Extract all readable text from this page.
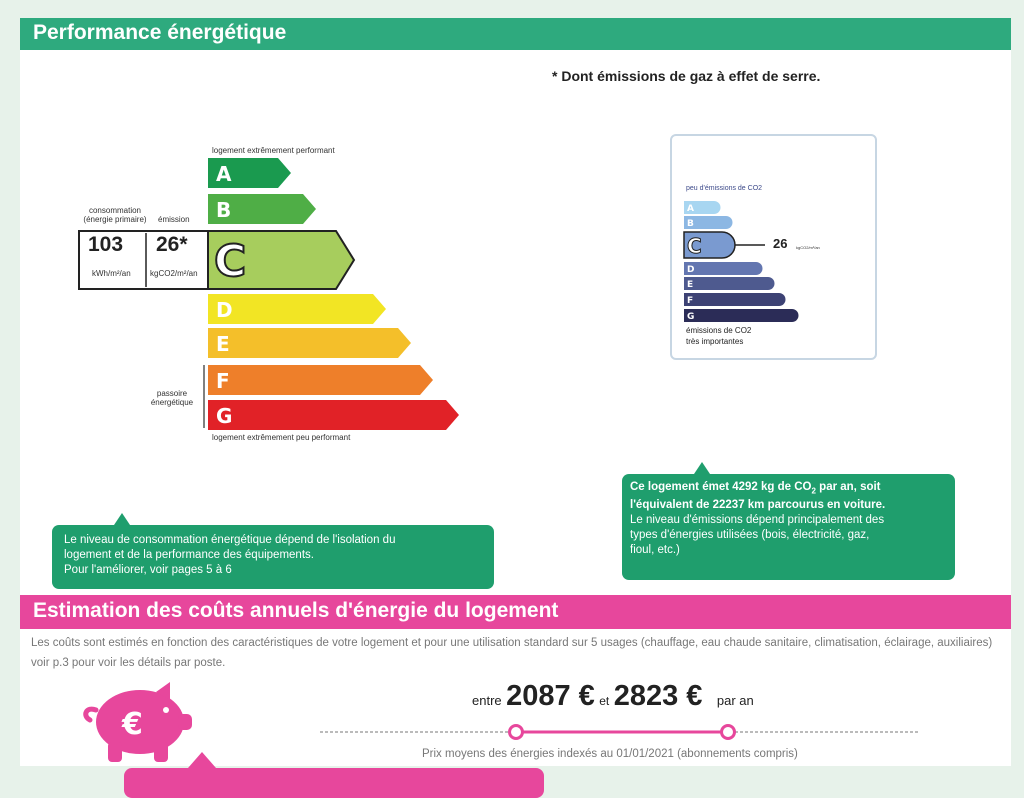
Performance énergétique
* Dont émissions de gaz à effet de serre.
A
B
C
D
E
F
G
logement extrêmement performant
logement extrêmement peu performant
consommation (énergie primaire)	émission
103 26*
kWh/m²/an kgCO2/m²/an
passoire énergétique
A
B
C
D
E
F
G
peu d'émissions de CO2
26 kgCO2/m²/an
émissions de CO2
très importantes
Le niveau de consommation énergétique dépend de l'isolation du
logement et de la performance des équipements.
Pour l'améliorer, voir pages 5 à 6
Ce logement émet 4292 kg de $CO_2$ par an, soit
l'équivalent de 22237 km parcourus en voiture.
Le niveau d'émissions dépend principalement des
types d'énergies utilisées (bois, électricité, gaz,
fioul, etc.)
Estimation des coûts annuels d'énergie du logement
Les coûts sont estimés en fonction des caractéristiques de votre logement et pour une utilisation standard sur 5 usages (chauffage, eau chaude sanitaire, climatisation, éclairage, auxiliaires) voir p.3 pour voir les détails par poste.
€
entre 2087 € et 2823 € par an
Prix moyens des énergies indexés au 01/01/2021 (abonnements compris)
